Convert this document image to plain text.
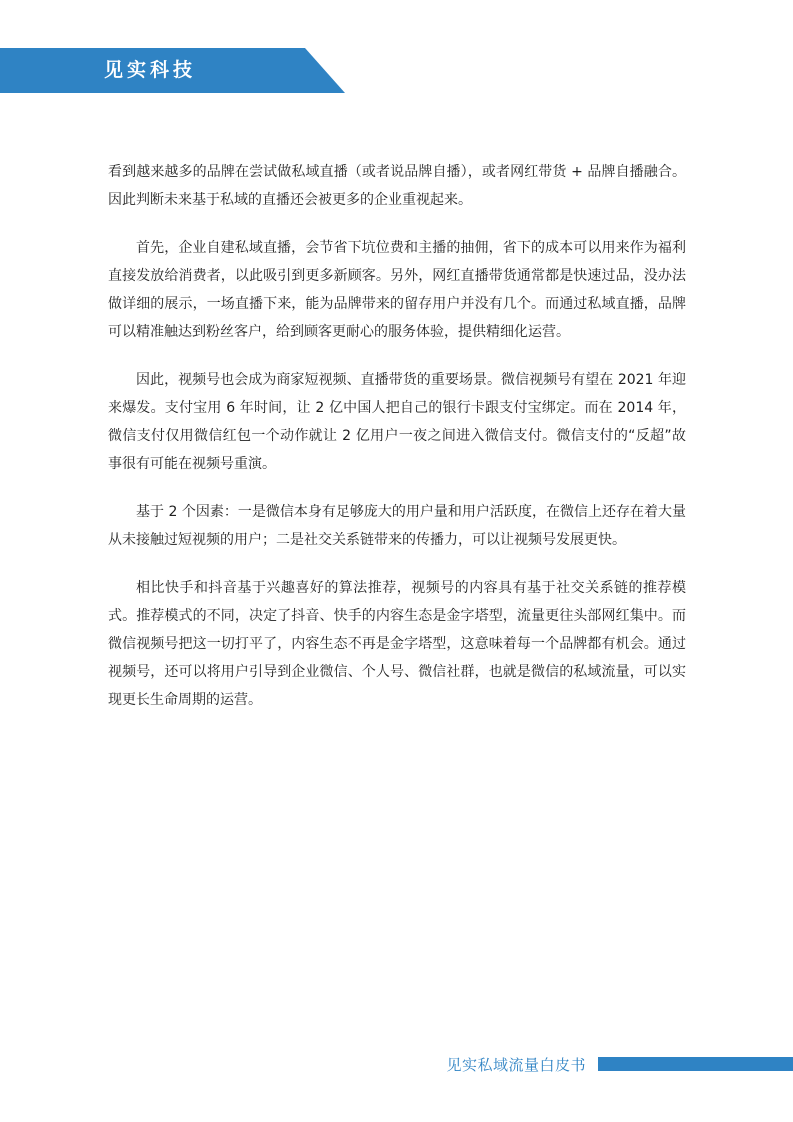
见实科技

看到越来越多的品牌在尝试做私域直播（或者说品牌自播），或者网红带货 + 品牌自播融合。因此判断未来基于私域的直播还会被更多的企业重视起来。

首先，企业自建私域直播，会节省下坑位费和主播的抽佣，省下的成本可以用来作为福利直接发放给消费者，以此吸引到更多新顾客。另外，网红直播带货通常都是快速过品，没办法做详细的展示，一场直播下来，能为品牌带来的留存用户并没有几个。而通过私域直播，品牌可以精准触达到粉丝客户，给到顾客更耐心的服务体验，提供精细化运营。

因此，视频号也会成为商家短视频、直播带货的重要场景。微信视频号有望在 2021 年迎来爆发。支付宝用 6 年时间，让 2 亿中国人把自己的银行卡跟支付宝绑定。而在 2014 年，微信支付仅用微信红包一个动作就让 2 亿用户一夜之间进入微信支付。微信支付的“反超”故事很有可能在视频号重演。

基于 2 个因素：一是微信本身有足够庞大的用户量和用户活跃度，在微信上还存在着大量从未接触过短视频的用户；二是社交关系链带来的传播力，可以让视频号发展更快。

相比快手和抖音基于兴趣喜好的算法推荐，视频号的内容具有基于社交关系链的推荐模式。推荐模式的不同，决定了抖音、快手的内容生态是金字塔型，流量更往头部网红集中。而微信视频号把这一切打平了，内容生态不再是金字塔型，这意味着每一个品牌都有机会。通过视频号，还可以将用户引导到企业微信、个人号、微信社群，也就是微信的私域流量，可以实现更长生命周期的运营。

见实私域流量白皮书
